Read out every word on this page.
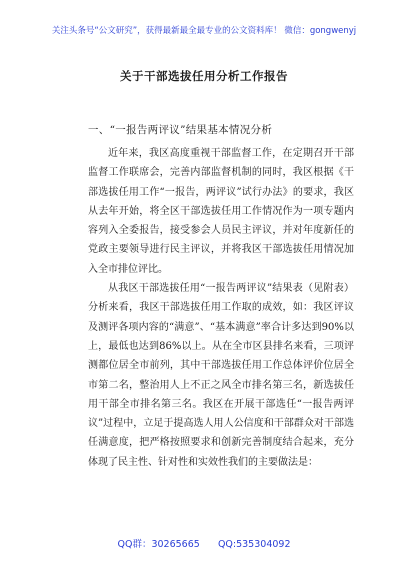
关注头条号“公文研究”，获得最新最全最专业的公文资料库！ 微信：gongwenyj
关于干部选拔任用分析工作报告
一、“一报告两评议”结果基本情况分析

近年来，我区高度重视干部监督工作，在定期召开干部监督工作联席会，完善内部监督机制的同时，我区根据《干部选拔任用工作“一报告，两评议”试行办法》的要求，我区从去年开始，将全区干部选拔任用工作情况作为一项专题内容列入全委报告，接受参会人员民主评议，并对年度新任的党政主要领导进行民主评议，并将我区干部选拔任用情况加入全市排位评比。

从我区干部选拔任用“一报告两评议”结果表（见附表）分析来看，我区干部选拔任用工作取的成效，如：我区评议及测评各项内容的“满意”、“基本满意”率合计多达到90%以上，最低也达到86%以上。从在全市区县排名来看，三项评测都位居全市前列，其中干部选拔任用工作总体评价位居全市第二名，整治用人上不正之风全市排名第三名，新选拔任用干部全市排名第三名。我区在开展干部选任“一报告两评议”过程中，立足于提高选人用人公信度和干部群众对干部选任满意度，把严格按照要求和创新完善制度结合起来，充分体现了民主性、针对性和实效性我们的主要做法是：

QQ群：30265665 QQ:535304092
